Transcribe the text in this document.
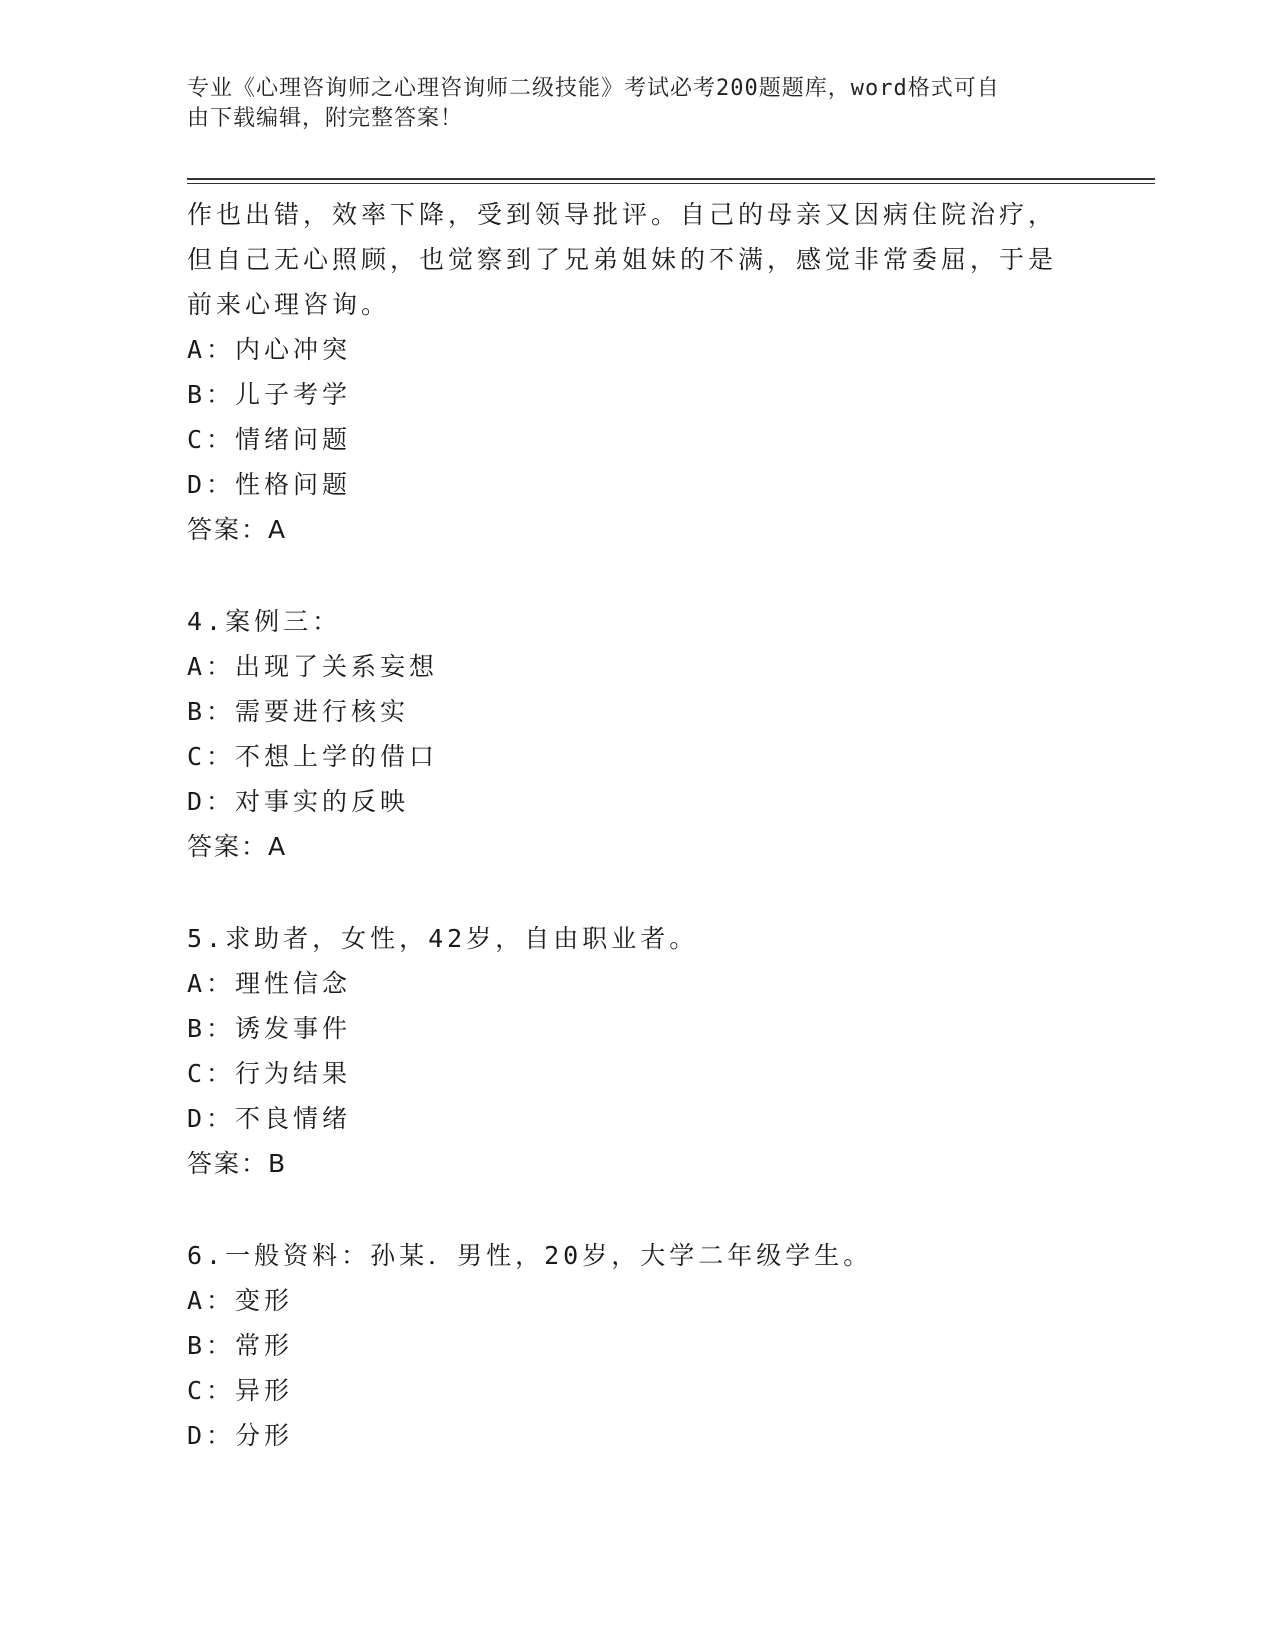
专业《心理咨询师之心理咨询师二级技能》考试必考200题题库，word格式可自
由下载编辑，附完整答案！
作也出错，效率下降，受到领导批评。自己的母亲又因病住院治疗，
但自己无心照顾，也觉察到了兄弟姐妹的不满，感觉非常委屈，于是
前来心理咨询。
A：内心冲突
B：儿子考学
C：情绪问题
D：性格问题
答案：A
4.案例三：
A：出现了关系妄想
B：需要进行核实
C：不想上学的借口
D：对事实的反映
答案：A
5.求助者，女性，42岁，自由职业者。
A：理性信念
B：诱发事件
C：行为结果
D：不良情绪
答案：B
6.一般资料：孙某．男性，20岁，大学二年级学生。
A：变形
B：常形
C：异形
D：分形
